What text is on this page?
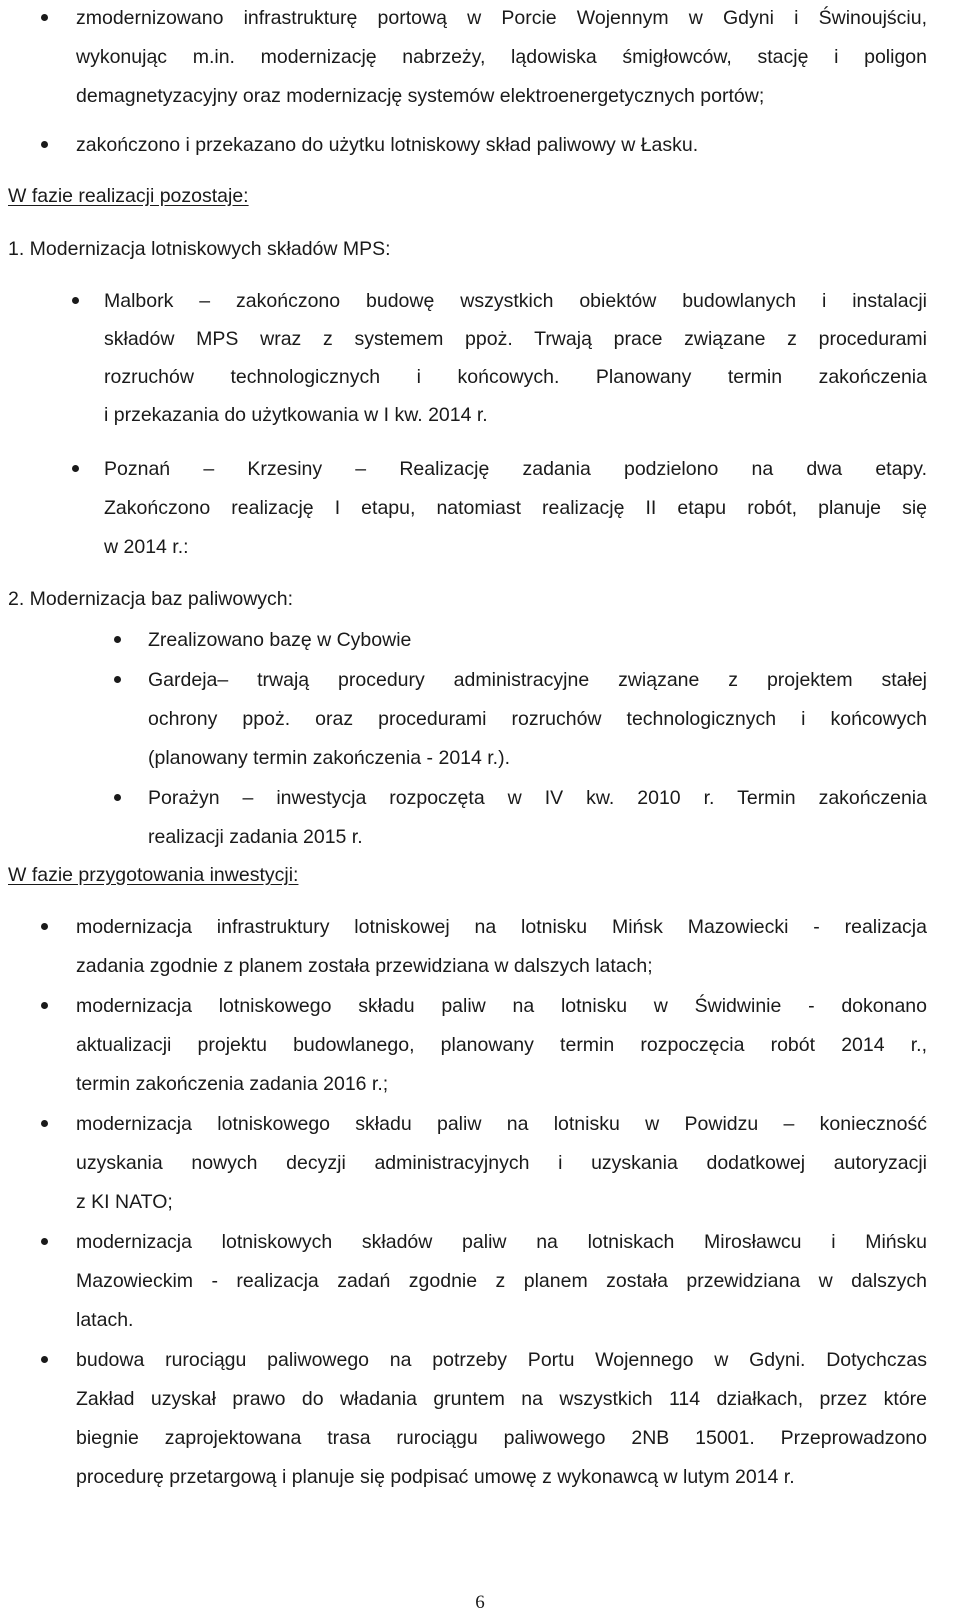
zmodernizowano infrastrukturę portową w Porcie Wojennym w Gdyni i Świnoujściu,
wykonując m.in. modernizację nabrzeży, lądowiska śmigłowców, stację i poligon
demagnetyzacyjny oraz modernizację systemów elektroenergetycznych portów;
zakończono i przekazano do użytku lotniskowy skład paliwowy w Łasku.
W fazie realizacji pozostaje:
1. Modernizacja lotniskowych składów MPS:
Malbork – zakończono budowę wszystkich obiektów budowlanych i instalacji
składów MPS wraz z systemem ppoż. Trwają prace związane z procedurami
rozruchów technologicznych i końcowych. Planowany termin zakończenia
i przekazania do użytkowania w I kw. 2014 r.
Poznań – Krzesiny – Realizację zadania podzielono na dwa etapy.
Zakończono realizację I etapu, natomiast realizację II etapu robót, planuje się
w 2014 r.:
2. Modernizacja baz paliwowych:
Zrealizowano bazę w Cybowie
Gardeja– trwają procedury administracyjne związane z projektem stałej
ochrony ppoż. oraz procedurami rozruchów technologicznych i końcowych
(planowany termin zakończenia - 2014 r.).
Porażyn – inwestycja rozpoczęta w IV kw. 2010 r. Termin zakończenia
realizacji zadania 2015 r.
W fazie przygotowania inwestycji:
modernizacja infrastruktury lotniskowej na lotnisku Mińsk Mazowiecki - realizacja
zadania zgodnie z planem została przewidziana w dalszych latach;
modernizacja lotniskowego składu paliw na lotnisku w Świdwinie - dokonano
aktualizacji projektu budowlanego, planowany termin rozpoczęcia robót 2014 r.,
termin zakończenia zadania 2016 r.;
modernizacja lotniskowego składu paliw na lotnisku w Powidzu – konieczność
uzyskania nowych decyzji administracyjnych i uzyskania dodatkowej autoryzacji
z KI NATO;
modernizacja lotniskowych składów paliw na lotniskach Mirosławcu i Mińsku
Mazowieckim - realizacja zadań zgodnie z planem została przewidziana w dalszych
latach.
budowa rurociągu paliwowego na potrzeby Portu Wojennego w Gdyni. Dotychczas
Zakład uzyskał prawo do władania gruntem na wszystkich 114 działkach, przez które
biegnie zaprojektowana trasa rurociągu paliwowego 2NB 15001. Przeprowadzono
procedurę przetargową i planuje się podpisać umowę z wykonawcą w lutym 2014 r.
6
